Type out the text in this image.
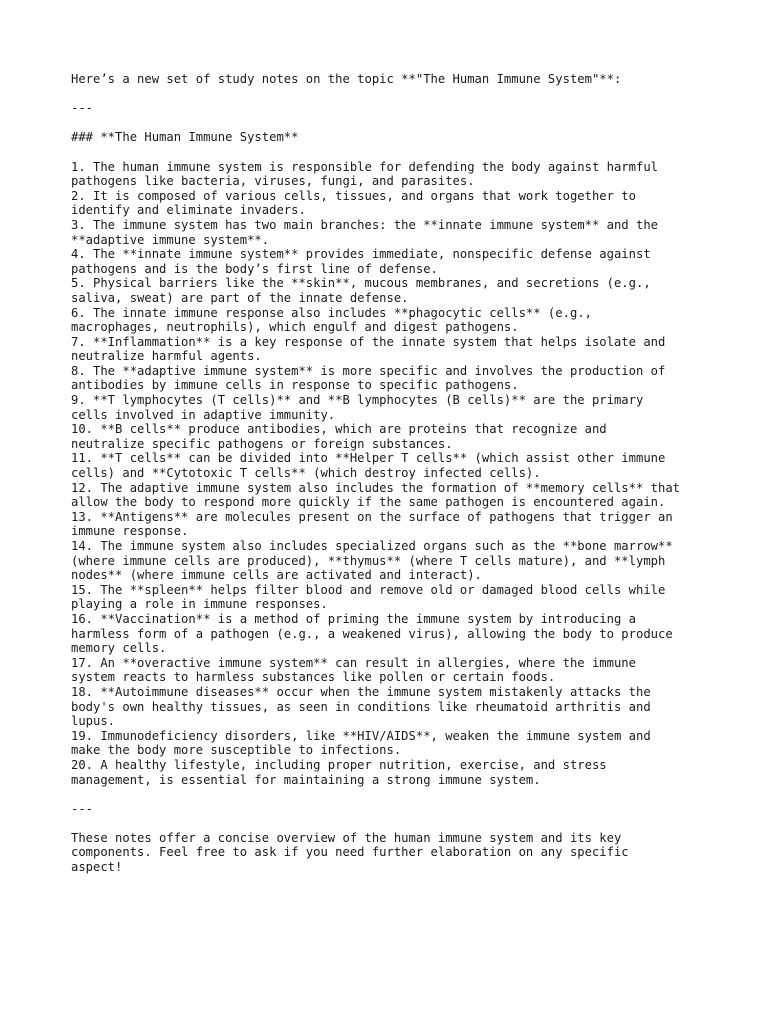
Here’s a new set of study notes on the topic **"The Human Immune System"**:
---
### **The Human Immune System**
1. The human immune system is responsible for defending the body against harmful
pathogens like bacteria, viruses, fungi, and parasites.
2. It is composed of various cells, tissues, and organs that work together to
identify and eliminate invaders.
3. The immune system has two main branches: the **innate immune system** and the
**adaptive immune system**.
4. The **innate immune system** provides immediate, nonspecific defense against
pathogens and is the body’s first line of defense.
5. Physical barriers like the **skin**, mucous membranes, and secretions (e.g.,
saliva, sweat) are part of the innate defense.
6. The innate immune response also includes **phagocytic cells** (e.g.,
macrophages, neutrophils), which engulf and digest pathogens.
7. **Inflammation** is a key response of the innate system that helps isolate and
neutralize harmful agents.
8. The **adaptive immune system** is more specific and involves the production of
antibodies by immune cells in response to specific pathogens.
9. **T lymphocytes (T cells)** and **B lymphocytes (B cells)** are the primary
cells involved in adaptive immunity.
10. **B cells** produce antibodies, which are proteins that recognize and
neutralize specific pathogens or foreign substances.
11. **T cells** can be divided into **Helper T cells** (which assist other immune
cells) and **Cytotoxic T cells** (which destroy infected cells).
12. The adaptive immune system also includes the formation of **memory cells** that
allow the body to respond more quickly if the same pathogen is encountered again.
13. **Antigens** are molecules present on the surface of pathogens that trigger an
immune response.
14. The immune system also includes specialized organs such as the **bone marrow**
(where immune cells are produced), **thymus** (where T cells mature), and **lymph
nodes** (where immune cells are activated and interact).
15. The **spleen** helps filter blood and remove old or damaged blood cells while
playing a role in immune responses.
16. **Vaccination** is a method of priming the immune system by introducing a
harmless form of a pathogen (e.g., a weakened virus), allowing the body to produce
memory cells.
17. An **overactive immune system** can result in allergies, where the immune
system reacts to harmless substances like pollen or certain foods.
18. **Autoimmune diseases** occur when the immune system mistakenly attacks the
body's own healthy tissues, as seen in conditions like rheumatoid arthritis and
lupus.
19. Immunodeficiency disorders, like **HIV/AIDS**, weaken the immune system and
make the body more susceptible to infections.
20. A healthy lifestyle, including proper nutrition, exercise, and stress
management, is essential for maintaining a strong immune system.
---
These notes offer a concise overview of the human immune system and its key
components. Feel free to ask if you need further elaboration on any specific
aspect!
